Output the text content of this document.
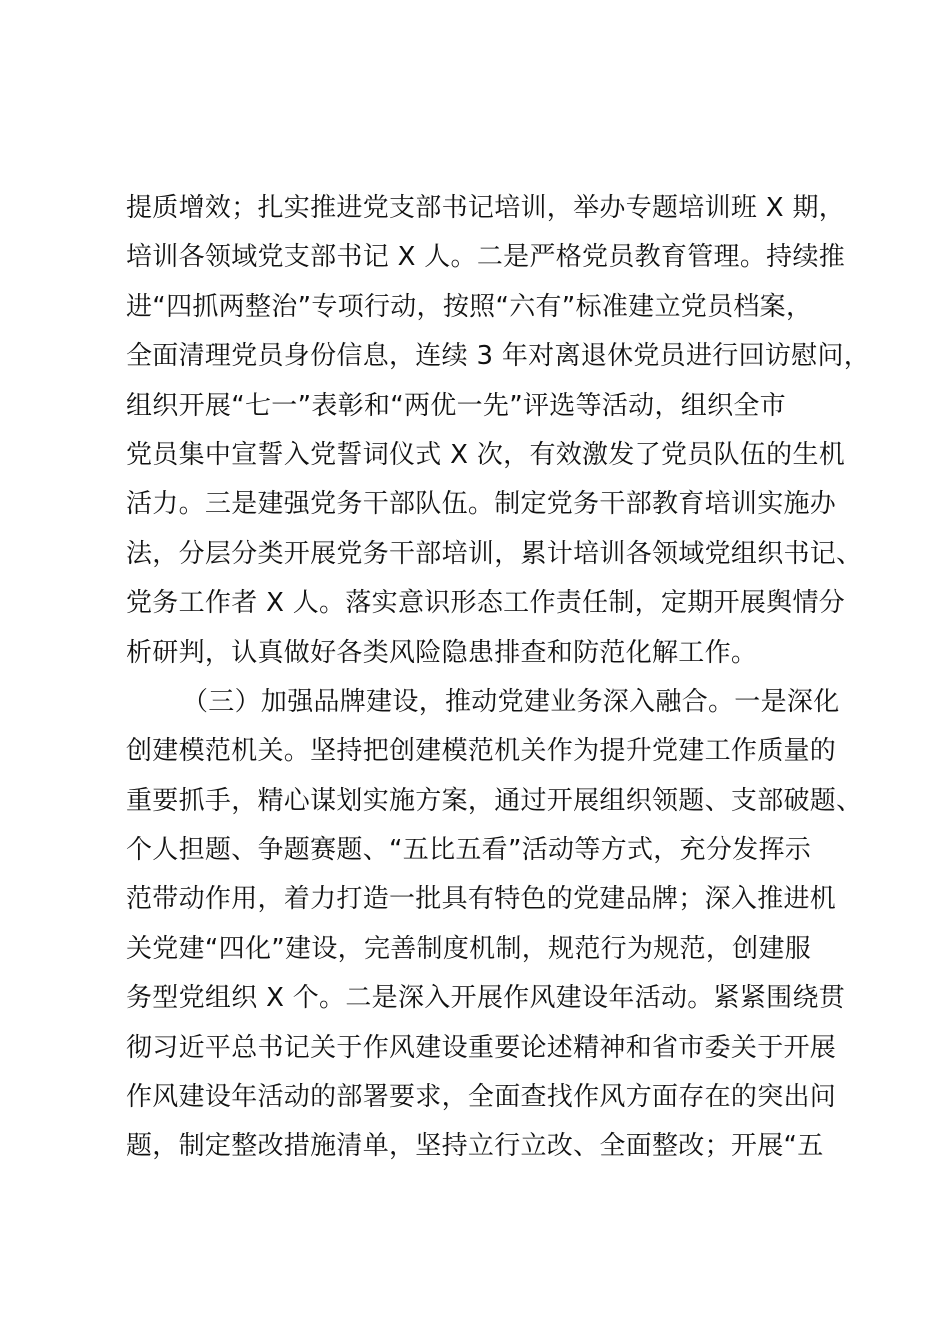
提质增效；扎实推进党支部书记培训，举办专题培训班 X 期，
培训各领域党支部书记 X 人。二是严格党员教育管理。持续推
进“四抓两整治”专项行动，按照“六有”标准建立党员档案，
全面清理党员身份信息，连续 3 年对离退休党员进行回访慰问，
组织开展“七一”表彰和“两优一先”评选等活动，组织全市
党员集中宣誓入党誓词仪式 X 次，有效激发了党员队伍的生机
活力。三是建强党务干部队伍。制定党务干部教育培训实施办
法，分层分类开展党务干部培训，累计培训各领域党组织书记、
党务工作者 X 人。落实意识形态工作责任制，定期开展舆情分
析研判，认真做好各类风险隐患排查和防范化解工作。
（三）加强品牌建设，推动党建业务深入融合。一是深化
创建模范机关。坚持把创建模范机关作为提升党建工作质量的
重要抓手，精心谋划实施方案，通过开展组织领题、支部破题、
个人担题、争题赛题、“五比五看”活动等方式，充分发挥示
范带动作用，着力打造一批具有特色的党建品牌；深入推进机
关党建“四化”建设，完善制度机制，规范行为规范，创建服
务型党组织 X 个。二是深入开展作风建设年活动。紧紧围绕贯
彻习近平总书记关于作风建设重要论述精神和省市委关于开展
作风建设年活动的部署要求，全面查找作风方面存在的突出问
题，制定整改措施清单，坚持立行立改、全面整改；开展“五
